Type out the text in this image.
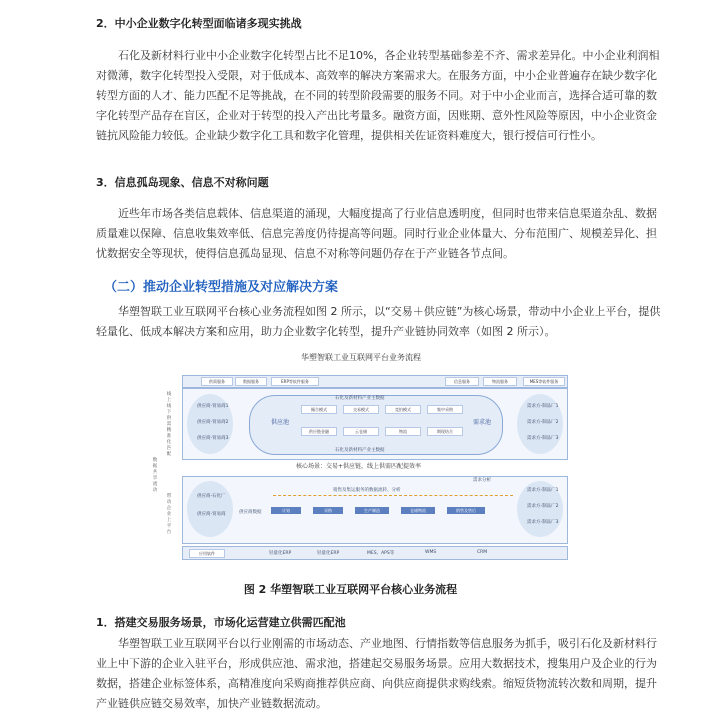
2．中小企业数字化转型面临诸多现实挑战

石化及新材料行业中小企业数字化转型占比不足10%，各企业转型基础参差不齐、需求差异化。中小企业利润相对微薄，数字化转型投入受限，对于低成本、高效率的解决方案需求大。在服务方面，中小企业普遍存在缺少数字化转型方面的人才、能力匹配不足等挑战，在不同的转型阶段需要的服务不同。对于中小企业而言，选择合适可靠的数字化转型产品存在盲区，企业对于转型的投入产出比考量多。融资方面，因账期、意外性风险等原因，中小企业资金链抗风险能力较低。企业缺少数字化工具和数字化管理，提供相关佐证资料难度大，银行授信可行性小。

3．信息孤岛现象、信息不对称问题

近些年市场各类信息载体、信息渠道的涌现，大幅度提高了行业信息透明度，但同时也带来信息渠道杂乱、数据质量难以保障、信息收集效率低、信息完善度仍待提高等问题。同时行业企业体量大、分布范围广、规模差异化、担忧数据安全等现状，使得信息孤岛显现、信息不对称等问题仍存在于产业链各节点间。

（二）推动企业转型措施及对应解决方案

华塑智联工业互联网平台核心业务流程如图 2 所示，以“交易＋供应链”为核心场景，带动中小企业上平台，提供轻量化、低成本解决方案和应用，助力企业数字化转型，提升产业链协同效率（如图 2 所示）。

华塑智联工业互联网平台业务流程
供需服务	数据服务	ERP等软件服务	信息服务	物流服务	MES等软件服务
线上线下供需精准化匹配
数据共享流动
带动企业上平台
供应商-贸易商1
供应商-贸易商2
供应商-贸易商3
需求方-制品厂1
需求方-制品厂2
需求方-制品厂3
供应池	需求池
石化及新材料产业主数据
石化及新材料产业主数据
撮合模式	交易模式	竞拍模式	集中采购
供应链金融	云仓储	物流	期现结合
核心场景：交易+供应链，线上供需匹配提效率
供应商-石化厂
供应商-贸易商
需求方-制品厂1
需求方-制品厂2
需求方-制品厂3
销售及集运服务的数据流转、分析
需求分析
供应商数据	计划	采购	生产制造	仓储物流	销售及售后
应用软件	轻量化ERP	轻量化ERP	MES、APS等	WMS	CRM
图 2 华塑智联工业互联网平台核心业务流程
1．搭建交易服务场景，市场化运营建立供需匹配池

华塑智联工业互联网平台以行业刚需的市场动态、产业地图、行情指数等信息服务为抓手，吸引石化及新材料行业上中下游的企业入驻平台，形成供应池、需求池，搭建起交易服务场景。应用大数据技术，搜集用户及企业的行为数据，搭建企业标签体系，高精准度向采购商推荐供应商、向供应商提供求购线索。缩短货物流转次数和周期，提升产业链供应链交易效率，加快产业链数据流动。
